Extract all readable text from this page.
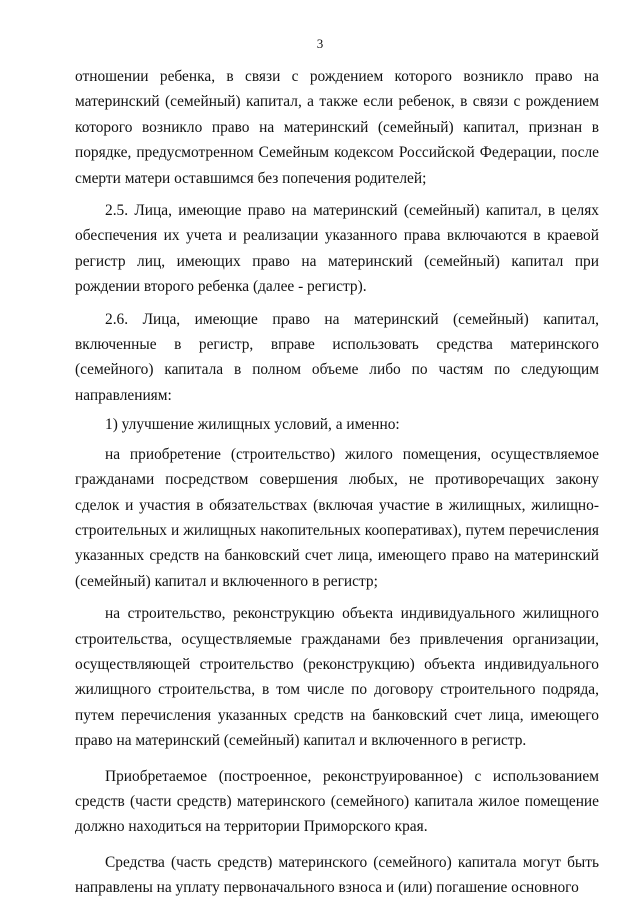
3

отношении ребенка, в связи с рождением которого возникло право на материнский (семейный) капитал, а также если ребенок, в связи с рождением которого возникло право на материнский (семейный) капитал, признан в порядке, предусмотренном Семейным кодексом Российской Федерации, после смерти матери оставшимся без попечения родителей;

2.5. Лица, имеющие право на материнский (семейный) капитал, в целях обеспечения их учета и реализации указанного права включаются в краевой регистр лиц, имеющих право на материнский (семейный) капитал при рождении второго ребенка (далее - регистр).

2.6. Лица, имеющие право на материнский (семейный) капитал, включенные в регистр, вправе использовать средства материнского (семейного) капитала в полном объеме либо по частям по следующим направлениям:

1) улучшение жилищных условий, а именно:

на приобретение (строительство) жилого помещения, осуществляемое гражданами посредством совершения любых, не противоречащих закону сделок и участия в обязательствах (включая участие в жилищных, жилищно-строительных и жилищных накопительных кооперативах), путем перечисления указанных средств на банковский счет лица, имеющего право на материнский (семейный) капитал и включенного в регистр;

на строительство, реконструкцию объекта индивидуального жилищного строительства, осуществляемые гражданами без привлечения организации, осуществляющей строительство (реконструкцию) объекта индивидуального жилищного строительства, в том числе по договору строительного подряда, путем перечисления указанных средств на банковский счет лица, имеющего право на материнский (семейный) капитал и включенного в регистр.

Приобретаемое (построенное, реконструированное) с использованием средств (части средств) материнского (семейного) капитала жилое помещение должно находиться на территории Приморского края.

Средства (часть средств) материнского (семейного) капитала могут быть направлены на уплату первоначального взноса и (или) погашение основного
